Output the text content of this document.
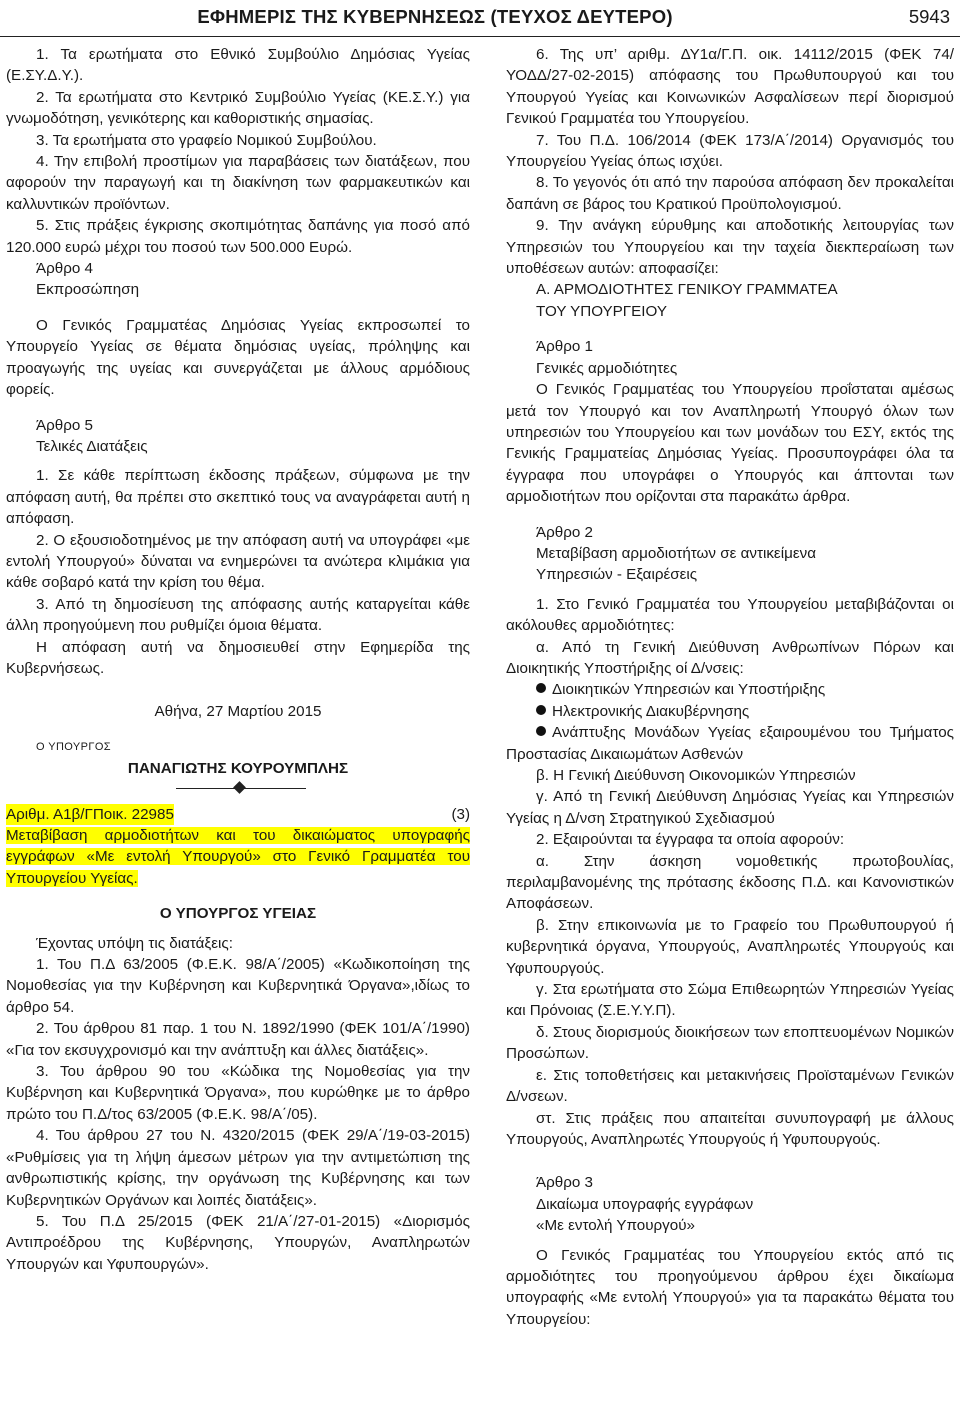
ΕΦΗΜΕΡΙΣ ΤΗΣ ΚΥΒΕΡΝΗΣΕΩΣ (ΤΕΥΧΟΣ ΔΕΥΤΕΡΟ)	5943

1. Τα ερωτήματα στο Εθνικό Συμβούλιο Δημόσιας Υγείας (Ε.ΣΥ.Δ.Υ.).

2. Τα ερωτήματα στο Κεντρικό Συμβούλιο Υγείας (ΚΕ.Σ.Υ.) για γνωμοδότηση, γενικότερης και καθοριστικής σημασίας.

3. Τα ερωτήματα στο γραφείο Νομικού Συμβούλου.

4. Την επιβολή προστίμων για παραβάσεις των διατάξεων, που αφορούν την παραγωγή και τη διακίνηση των φαρμακευτικών και καλλυντικών προϊόντων.

5. Στις πράξεις έγκρισης σκοπιμότητας δαπάνης για ποσό από 120.000 ευρώ μέχρι του ποσού των 500.000 Ευρώ.

Άρθρο 4

Εκπροσώπηση

Ο Γενικός Γραμματέας Δημόσιας Υγείας εκπροσωπεί το Υπουργείο Υγείας σε θέματα δημόσιας υγείας, πρόληψης και προαγωγής της υγείας και συνεργάζεται με άλλους αρμόδιους φορείς.

Άρθρο 5

Τελικές Διατάξεις

1. Σε κάθε περίπτωση έκδοσης πράξεων, σύμφωνα με την απόφαση αυτή, θα πρέπει στο σκεπτικό τους να αναγράφεται αυτή η απόφαση.

2. Ο εξουσιοδοτημένος με την απόφαση αυτή να υπογράφει «με εντολή Υπουργού» δύναται να ενημερώνει τα ανώτερα κλιμάκια για κάθε σοβαρό κατά την κρίση του θέμα.

3. Από τη δημοσίευση της απόφασης αυτής καταργείται κάθε άλλη προηγούμενη που ρυθμίζει όμοια θέματα.

Η απόφαση αυτή να δημοσιευθεί στην Εφημερίδα της Κυβερνήσεως.

Αθήνα, 27 Μαρτίου 2015

Ο ΥΠΟΥΡΓΟΣ

ΠΑΝΑΓΙΩΤΗΣ ΚΟΥΡΟΥΜΠΛΗΣ

Αριθμ. Α1β/ΓΠοικ. 22985	(3)

Μεταβίβαση αρμοδιοτήτων και του δικαιώματος υπογραφής εγγράφων «Με εντολή Υπουργού» στο Γενικό Γραμματέα του Υπουργείου Υγείας.

Ο ΥΠΟΥΡΓΟΣ ΥΓΕΙΑΣ

Έχοντας υπόψη τις διατάξεις:

1. Του Π.Δ 63/2005 (Φ.Ε.Κ. 98/Α΄/2005) «Κωδικοποίηση της Νομοθεσίας για την Κυβέρνηση και Κυβερνητικά Όργανα»,ιδίως το άρθρο 54.

2. Του άρθρου 81 παρ. 1 του Ν. 1892/1990 (ΦΕΚ 101/Α΄/1990) «Για τον εκσυγχρονισμό και την ανάπτυξη και άλλες διατάξεις».

3. Του άρθρου 90 του «Κώδικα της Νομοθεσίας για την Κυβέρνηση και Κυβερνητικά Όργανα», που κυρώθηκε με το άρθρο πρώτο του Π.Δ/τος 63/2005 (Φ.Ε.Κ. 98/Α΄/05).

4. Του άρθρου 27 του Ν. 4320/2015 (ΦΕΚ 29/Α΄/19-03-2015) «Ρυθμίσεις για τη λήψη άμεσων μέτρων για την αντιμετώπιση της ανθρωπιστικής κρίσης, την οργάνωση της Κυβέρνησης και των Κυβερνητικών Οργάνων και λοιπές διατάξεις».

5. Του Π.Δ 25/2015 (ΦΕΚ 21/Α΄/27-01-2015) «Διορισμός Αντιπροέδρου της Κυβέρνησης, Υπουργών, Αναπληρωτών Υπουργών και Υφυπουργών».

6. Της υπ’ αριθμ. ΔΥ1α/Γ.Π. οικ. 14112/2015 (ΦΕΚ 74/ΥΟΔΔ/27-02-2015) απόφασης του Πρωθυπουργού και του Υπουργού Υγείας και Κοινωνικών Ασφαλίσεων περί διορισμού Γενικού Γραμματέα του Υπουργείου.

7. Του Π.Δ. 106/2014 (ΦΕΚ 173/Α΄/2014) Οργανισμός του Υπουργείου Υγείας όπως ισχύει.

8. Το γεγονός ότι από την παρούσα απόφαση δεν προκαλείται δαπάνη σε βάρος του Κρατικού Προϋπολογισμού.

9. Την ανάγκη εύρυθμης και αποδοτικής λειτουργίας των Υπηρεσιών του Υπουργείου και την ταχεία διεκπεραίωση των υποθέσεων αυτών: αποφασίζει:

Α. ΑΡΜΟΔΙΟΤΗΤΕΣ ΓΕΝΙΚΟΥ ΓΡΑΜΜΑΤΕΑ

ΤΟΥ ΥΠΟΥΡΓΕΙΟΥ

Άρθρο 1

Γενικές αρμοδιότητες

Ο Γενικός Γραμματέας του Υπουργείου προΐσταται αμέσως μετά τον Υπουργό και τον Αναπληρωτή Υπουργό όλων των υπηρεσιών του Υπουργείου και των μονάδων του ΕΣΥ, εκτός της Γενικής Γραμματείας Δημόσιας Υγείας. Προσυπογράφει όλα τα έγγραφα που υπογράφει ο Υπουργός και άπτονται των αρμοδιοτήτων που ορίζονται στα παρακάτω άρθρα.

Άρθρο 2

Μεταβίβαση αρμοδιοτήτων σε αντικείμενα

Υπηρεσιών - Εξαιρέσεις

1. Στο Γενικό Γραμματέα του Υπουργείου μεταβιβάζονται οι ακόλουθες αρμοδιότητες:

α. Από τη Γενική Διεύθυνση Ανθρωπίνων Πόρων και Διοικητικής Υποστήριξης οί Δ/νσεις:

Διοικητικών Υπηρεσιών και Υποστήριξης

Ηλεκτρονικής Διακυβέρνησης

Ανάπτυξης Μονάδων Υγείας εξαιρουμένου του Τμήματος Προστασίας Δικαιωμάτων Ασθενών

β. Η Γενική Διεύθυνση Οικονομικών Υπηρεσιών

γ. Από τη Γενική Διεύθυνση Δημόσιας Υγείας και Υπηρεσιών Υγείας η Δ/νση Στρατηγικού Σχεδιασμού

2. Εξαιρούνται τα έγγραφα τα οποία αφορούν:

α. Στην άσκηση νομοθετικής πρωτοβουλίας, περιλαμβανομένης της πρότασης έκδοσης Π.Δ. και Κανονιστικών Αποφάσεων.

β. Στην επικοινωνία με το Γραφείο του Πρωθυπουργού ή κυβερνητικά όργανα, Υπουργούς, Αναπληρωτές Υπουργούς και Υφυπουργούς.

γ. Στα ερωτήματα στο Σώμα Επιθεωρητών Υπηρεσιών Υγείας και Πρόνοιας (Σ.Ε.Υ.Υ.Π).

δ. Στους διορισμούς διοικήσεων των εποπτευομένων Νομικών Προσώπων.

ε. Στις τοποθετήσεις και μετακινήσεις Προϊσταμένων Γενικών Δ/νσεων.

στ. Στις πράξεις που απαιτείται συνυπογραφή με άλλους Υπουργούς, Αναπληρωτές Υπουργούς ή Υφυπουργούς.

Άρθρο 3

Δικαίωμα υπογραφής εγγράφων

«Με εντολή Υπουργού»

Ο Γενικός Γραμματέας του Υπουργείου εκτός από τις αρμοδιότητες του προηγούμενου άρθρου έχει δικαίωμα υπογραφής «Με εντολή Υπουργού» για τα παρακάτω θέματα του Υπουργείου:
